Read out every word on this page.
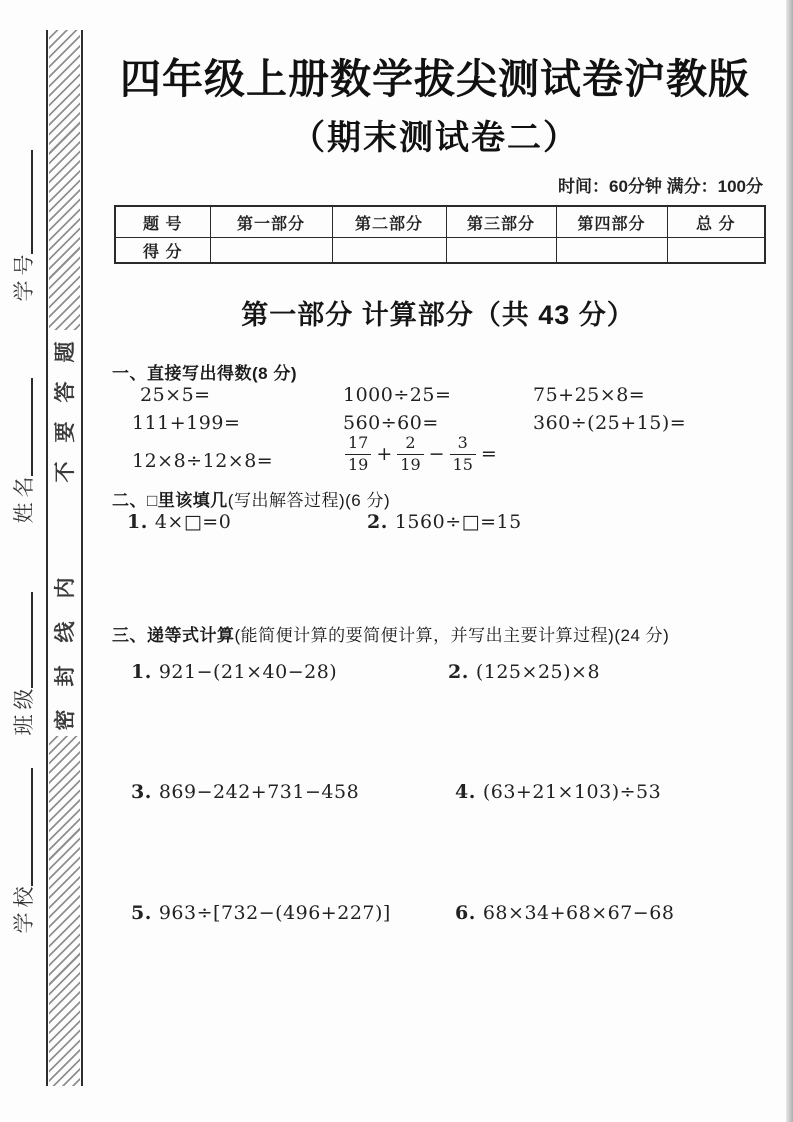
题
答
要
不
内
线
封
密
号
学
名
姓
级
班
校
学
四年级上册数学拔尖测试卷沪教版
（期末测试卷二）
时间：60分钟 满分：100分
题 号	第一部分	第二部分	第三部分	第四部分	总 分
得 分					
第一部分 计算部分（共 43 分）
一、直接写出得数(8 分)
25×5=	1000÷25=	75+25×8=
111+199=	560÷60=	360÷(25+15)=
12×8÷12×8=	$\frac{17}{19} + \frac{2}{19} - \frac{3}{15}$ =
二、□里该填几(写出解答过程)(6 分)
1. 4×□=0	2. 1560÷□=15
三、递等式计算(能简便计算的要简便计算，并写出主要计算过程)(24 分)
1. 921−(21×40−28)	2. (125×25)×8
3. 869−242+731−458	4. (63+21×103)÷53
5. 963÷[732−(496+227)]	6. 68×34+68×67−68
